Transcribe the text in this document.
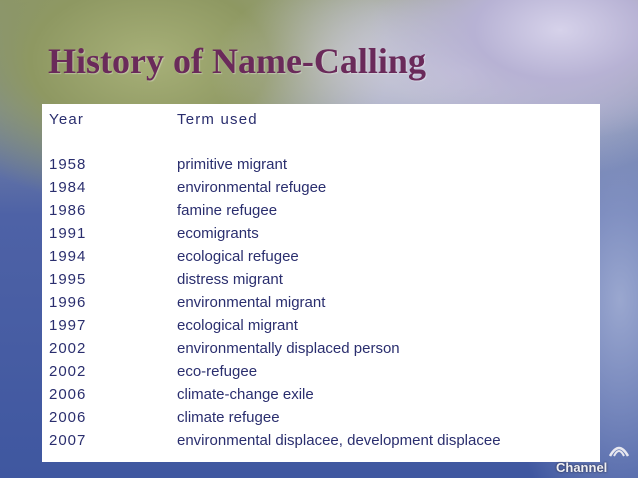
History of Name-Calling
Year	Term used
1958	primitive migrant
1984	environmental refugee
1986	famine refugee
1991	ecomigrants
1994	ecological refugee
1995	distress migrant
1996	environmental migrant
1997	ecological migrant
2002	environmentally displaced person
2002	eco-refugee
2006	climate-change exile
2006	climate refugee
2007	environmental displacee, development displacee
Channel
